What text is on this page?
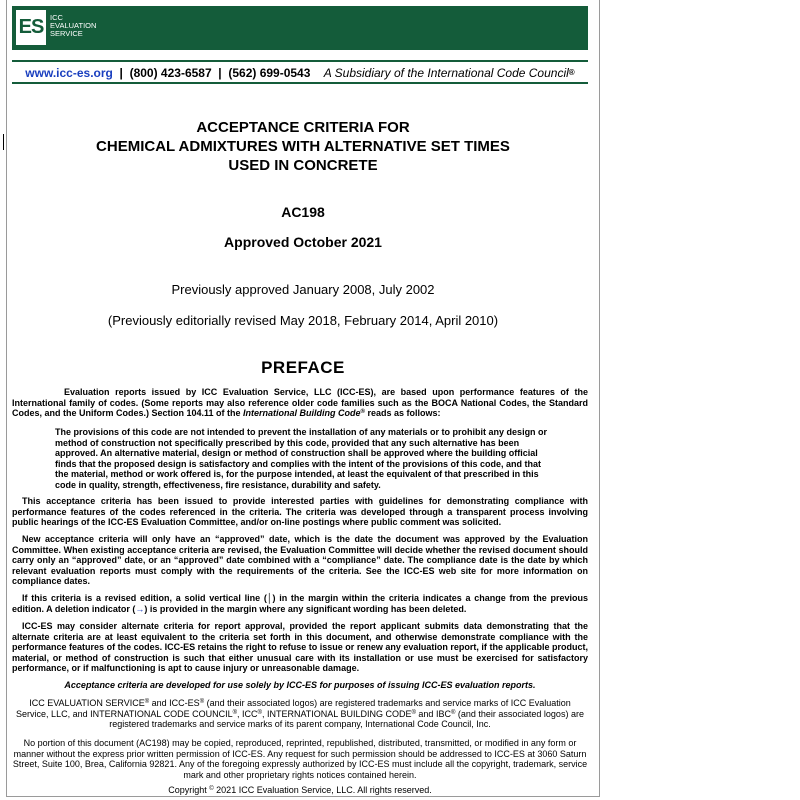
ES ICC
EVALUATION
SERVICE
www.icc-es.org  |  (800) 423-6587  |  (562) 699-0543 A Subsidiary of the International Code Council®
ACCEPTANCE CRITERIA FOR
CHEMICAL ADMIXTURES WITH ALTERNATIVE SET TIMES
USED IN CONCRETE
AC198
Approved October 2021
Previously approved January 2008, July 2002
(Previously editorially revised May 2018, February 2014, April 2010)
PREFACE
Evaluation reports issued by ICC Evaluation Service, LLC (ICC-ES), are based upon performance features of the International family of codes. (Some reports may also reference older code families such as the BOCA National Codes, the Standard Codes, and the Uniform Codes.) Section 104.11 of the International Building Code® reads as follows:
The provisions of this code are not intended to prevent the installation of any materials or to prohibit any design or method of construction not specifically prescribed by this code, provided that any such alternative has been approved. An alternative material, design or method of construction shall be approved where the building official finds that the proposed design is satisfactory and complies with the intent of the provisions of this code, and that the material, method or work offered is, for the purpose intended, at least the equivalent of that prescribed in this code in quality, strength, effectiveness, fire resistance, durability and safety.
This acceptance criteria has been issued to provide interested parties with guidelines for demonstrating compliance with performance features of the codes referenced in the criteria. The criteria was developed through a transparent process involving public hearings of the ICC-ES Evaluation Committee, and/or on-line postings where public comment was solicited.
New acceptance criteria will only have an “approved” date, which is the date the document was approved by the Evaluation Committee. When existing acceptance criteria are revised, the Evaluation Committee will decide whether the revised document should carry only an “approved” date, or an “approved” date combined with a “compliance” date. The compliance date is the date by which relevant evaluation reports must comply with the requirements of the criteria. See the ICC-ES web site for more information on compliance dates.
If this criteria is a revised edition, a solid vertical line (│) in the margin within the criteria indicates a change from the previous edition. A deletion indicator (→) is provided in the margin where any significant wording has been deleted.
ICC-ES may consider alternate criteria for report approval, provided the report applicant submits data demonstrating that the alternate criteria are at least equivalent to the criteria set forth in this document, and otherwise demonstrate compliance with the performance features of the codes. ICC-ES retains the right to refuse to issue or renew any evaluation report, if the applicable product, material, or method of construction is such that either unusual care with its installation or use must be exercised for satisfactory performance, or if malfunctioning is apt to cause injury or unreasonable damage.
Acceptance criteria are developed for use solely by ICC-ES for purposes of issuing ICC-ES evaluation reports.
ICC EVALUATION SERVICE® and ICC-ES® (and their associated logos) are registered trademarks and service marks of ICC Evaluation Service, LLC, and INTERNATIONAL CODE COUNCIL®, ICC®, INTERNATIONAL BUILDING CODE® and IBC® (and their associated logos) are registered trademarks and service marks of its parent company, International Code Council, Inc.
No portion of this document (AC198) may be copied, reproduced, reprinted, republished, distributed, transmitted, or modified in any form or manner without the express prior written permission of ICC-ES. Any request for such permission should be addressed to ICC-ES at 3060 Saturn Street, Suite 100, Brea, California 92821. Any of the foregoing expressly authorized by ICC-ES must include all the copyright, trademark, service mark and other proprietary rights notices contained herein.
Copyright © 2021 ICC Evaluation Service, LLC. All rights reserved.
